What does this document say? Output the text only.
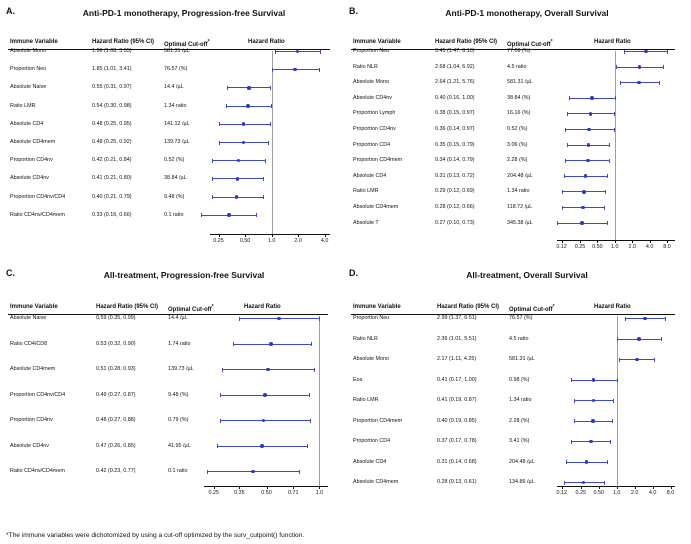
A.	Anti-PD-1 monotherapy, Progression-free Survival
Immune Variable	Hazard Ratio (95% CI)	Optimal Cut-off*	Hazard Ratio
Absolute Mono	1.96 (1.08, 3.55)	581.31 /µL
Proportion Neu	1.85 (1.01, 3.41)	76.57 (%)
Absolute Naive	0.55 (0.31, 0.97)	14.4 /µL
Ratio LMR	0.54 (0.30, 0.98)	1.34 ratio
Absolute CD4	0.48 (0.25, 0.95)	141.12 /µL
Absolute CD4mem	0.48 (0.25, 0.92)	139.73 /µL
Proportion CD4nv	0.42 (0.21, 0.84)	0.52 (%)
Absolute CD4nv	0.41 (0.21, 0.80)	38.84 /µL
Proportion CD4nv/CD4	0.40 (0.21, 0.79)	9.48 (%)
Ratio CD4nv/CD4mem	0.33 (0.16, 0.66)	0.1 ratio
0.25	0.50	1.0	2.0	4.0
B.	Anti-PD-1 monotherapy, Overall Survival
Immune Variable	Hazard Ratio (95% CI)	Optimal Cut-off*	Hazard Ratio
Proportion Neu	3.45 (1.47, 8.10)	77.09 (%)
Ratio NLR	2.68 (1.04, 6.92)	4.5 ratio
Absolute Mono	2.64 (1.21, 5.76)	581.31 /µL
Absolute CD4nv	0.40 (0.16, 1.00)	38.84 (%)
Proportion Lymph	0.38 (0.15, 0.97)	16.16 (%)
Proportion CD4nv	0.36 (0.14, 0.97)	0.52 (%)
Proportion CD4	0.35 (0.15, 0.79)	3.06 (%)
Proportion CD4mem	0.34 (0.14, 0.79)	2.28 (%)
Absolute CD4	0.31 (0.13, 0.72)	204.48 /µL
Ratio LMR	0.29 (0.12, 0.69)	1.34 ratio
Absolute CD4mem	0.28 (0.12, 0.66)	118.72 /µL
Absolute T	0.27 (0.10, 0.73)	345.38 /µL
0.12 0.25 0.50 1.0 2.0 4.0 8.0
C.	All-treatment, Progression-free Survival
Immune Variable	Hazard Ratio (95% CI)	Optimal Cut-off*	Hazard Ratio
Absolute Naive	0.59 (0.35, 0.99)	14.4 /µL
Ratio CD4/CD8	0.53 (0.32, 0.90)	1.74 ratio
Absolute CD4mem	0.51 (0.28, 0.93)	139.73 /µL
Proportion CD4nv/CD4	0.49 (0.27, 0.87)	9.48 (%)
Proportion CD4nv	0.48 (0.27, 0.88)	0.79 (%)
Absolute CD4nv	0.47 (0.26, 0.85)	41.95 /µL
Ratio CD4nv/CD4mem	0.42 (0.23, 0.77)	0.1 ratio
0.25	0.35	0.50	0.71	1.0
D.	All-treatment, Overall Survival
Immune Variable	Hazard Ratio (95% CI)	Optimal Cut-off*	Hazard Ratio
Proportion Neu	2.99 (1.37, 6.51)	76.57 (%)
Ratio NLR	2.36 (1.01, 5.51)	4.5 ratio
Absolute Mono	2.17 (1.11, 4.25)	581.31 /µL
Eos	0.41 (0.17, 1.00)	0.98 (%)
Ratio LMR	0.41 (0.19, 0.87)	1.34 ratio
Proportion CD4mem	0.40 (0.19, 0.85)	2.28 (%)
Proportion CD4	0.37 (0.17, 0.78)	3.41 (%)
Absolute CD4	0.31 (0.14, 0.68)	204.48 /µL
Absolute CD4mem	0.28 (0.13, 0.61)	134.86 /µL
0.12 0.25 0.50 1.0 2.0 4.0 8.0
*The immune variables were dichotomized by using a cut-off optimized by the surv_cutpoint() function.
